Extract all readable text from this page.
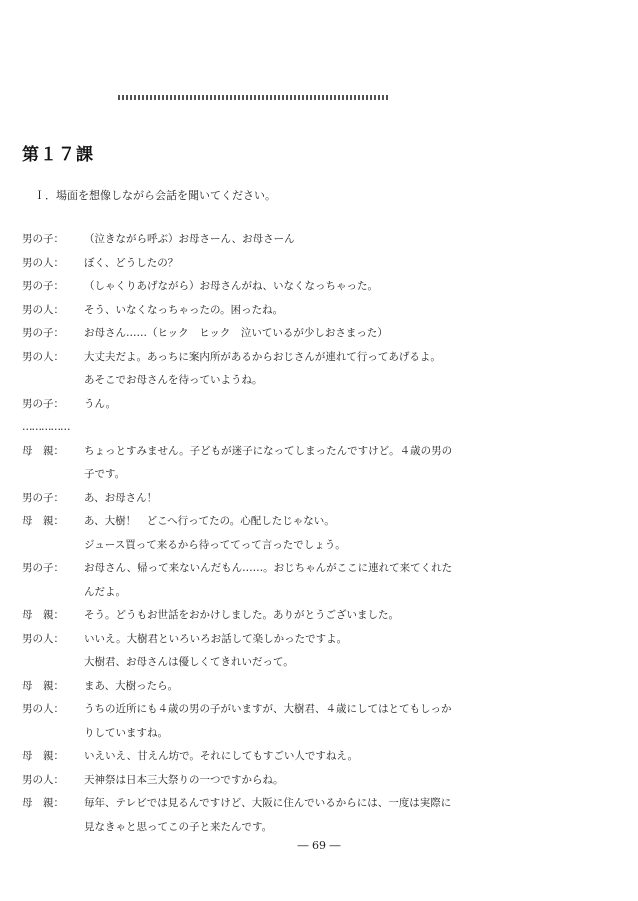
第１７課
Ｉ．場面を想像しながら会話を聞いてください。
男の子：	（泣きながら呼ぶ）お母さーん、お母さーん
男の人：	ぼく、どうしたの？
男の子：	（しゃくりあげながら）お母さんがね、いなくなっちゃった。
男の人：	そう、いなくなっちゃったの。困ったね。
男の子：	お母さん……（ヒック　ヒック　泣いているが少しおさまった）
男の人：	大丈夫だよ。あっちに案内所があるからおじさんが連れて行ってあげるよ。
あそこでお母さんを待っていようね。
男の子：	うん。
……………
母　親：	ちょっとすみません。子どもが迷子になってしまったんですけど。４歳の男の
子です。
男の子：	あ、お母さん！
母　親：	あ、大樹！　どこへ行ってたの。心配したじゃない。
ジュース買って来るから待っててって言ったでしょう。
男の子：	お母さん、帰って来ないんだもん……。おじちゃんがここに連れて来てくれた
んだよ。
母　親：	そう。どうもお世話をおかけしました。ありがとうございました。
男の人：	いいえ。大樹君といろいろお話して楽しかったですよ。
大樹君、お母さんは優しくてきれいだって。
母　親：	まあ、大樹ったら。
男の人：	うちの近所にも４歳の男の子がいますが、大樹君、４歳にしてはとてもしっか
りしていますね。
母　親：	いえいえ、甘えん坊で。それにしてもすごい人ですねえ。
男の人：	天神祭は日本三大祭りの一つですからね。
母　親：	毎年、テレビでは見るんですけど、大阪に住んでいるからには、一度は実際に
見なきゃと思ってこの子と来たんです。
― 69 ―
